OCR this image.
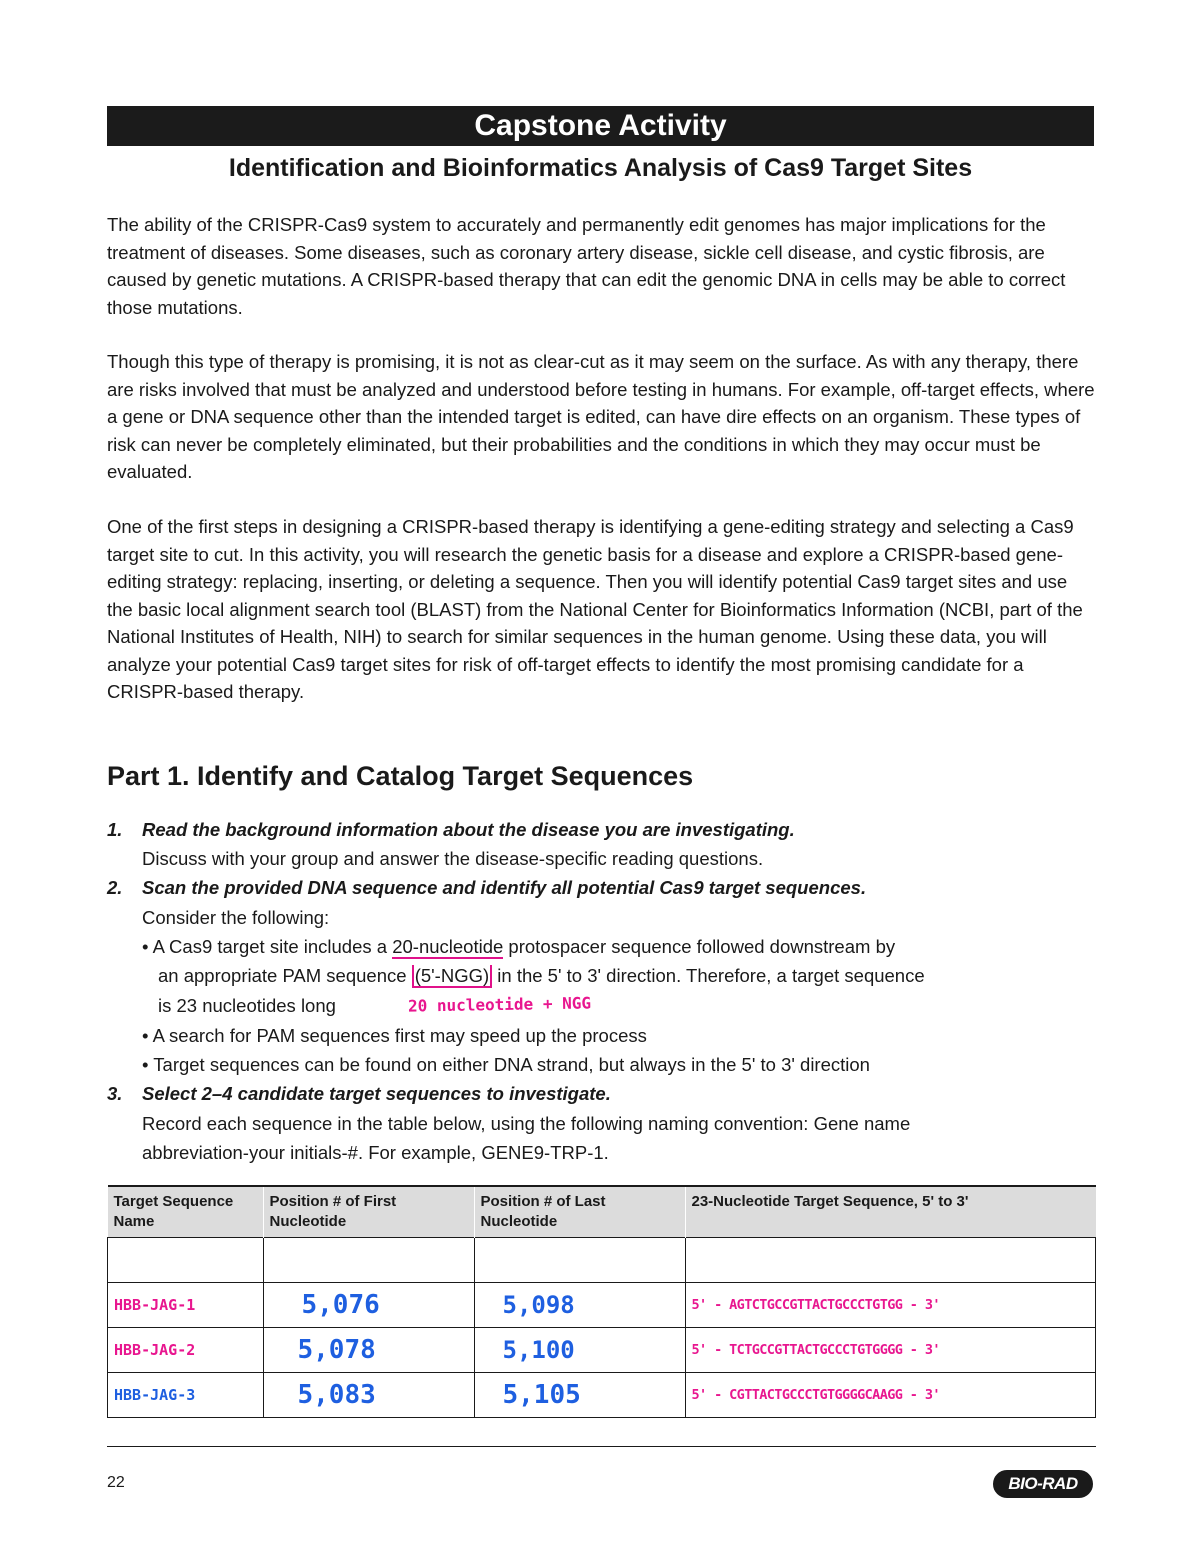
Capstone Activity
Identification and Bioinformatics Analysis of Cas9 Target Sites

The ability of the CRISPR-Cas9 system to accurately and permanently edit genomes has major implications for the treatment of diseases. Some diseases, such as coronary artery disease, sickle cell disease, and cystic fibrosis, are caused by genetic mutations. A CRISPR-based therapy that can edit the genomic DNA in cells may be able to correct those mutations.

Though this type of therapy is promising, it is not as clear-cut as it may seem on the surface. As with any therapy, there are risks involved that must be analyzed and understood before testing in humans. For example, off-target effects, where a gene or DNA sequence other than the intended target is edited, can have dire effects on an organism. These types of risk can never be completely eliminated, but their probabilities and the conditions in which they may occur must be evaluated.

One of the first steps in designing a CRISPR-based therapy is identifying a gene-editing strategy and selecting a Cas9 target site to cut. In this activity, you will research the genetic basis for a disease and explore a CRISPR-based gene-editing strategy: replacing, inserting, or deleting a sequence. Then you will identify potential Cas9 target sites and use the basic local alignment search tool (BLAST) from the National Center for Bioinformatics Information (NCBI, part of the National Institutes of Health, NIH) to search for similar sequences in the human genome. Using these data, you will analyze your potential Cas9 target sites for risk of off-target effects to identify the most promising candidate for a CRISPR-based therapy.

Part 1. Identify and Catalog Target Sequences
1. Read the background information about the disease you are investigating.
Discuss with your group and answer the disease-specific reading questions.
2. Scan the provided DNA sequence and identify all potential Cas9 target sequences.
Consider the following:
• A Cas9 target site includes a 20-nucleotide protospacer sequence followed downstream by
an appropriate PAM sequence (5'-NGG) in the 5' to 3' direction. Therefore, a target sequence
is 23 nucleotides long	20 nucleotide + NGG
• A search for PAM sequences first may speed up the process
• Target sequences can be found on either DNA strand, but always in the 5' to 3' direction
3. Select 2–4 candidate target sequences to investigate.
Record each sequence in the table below, using the following naming convention: Gene name
abbreviation-your initials-#. For example, GENE9-TRP-1.
Target Sequence Name	Position # of First Nucleotide	Position # of Last Nucleotide	23-Nucleotide Target Sequence, 5' to 3'

HBB-JAG-1	5,076	5,098	5' - AGTCTGCCGTTACTGCCCTGTGG - 3'
HBB-JAG-2	5,078	5,100	5' - TCTGCCGTTACTGCCCTGTGGGG - 3'
HBB-JAG-3	5,083	5,105	5' - CGTTACTGCCCTGTGGGGCAAGG - 3'
22	BIO-RAD
